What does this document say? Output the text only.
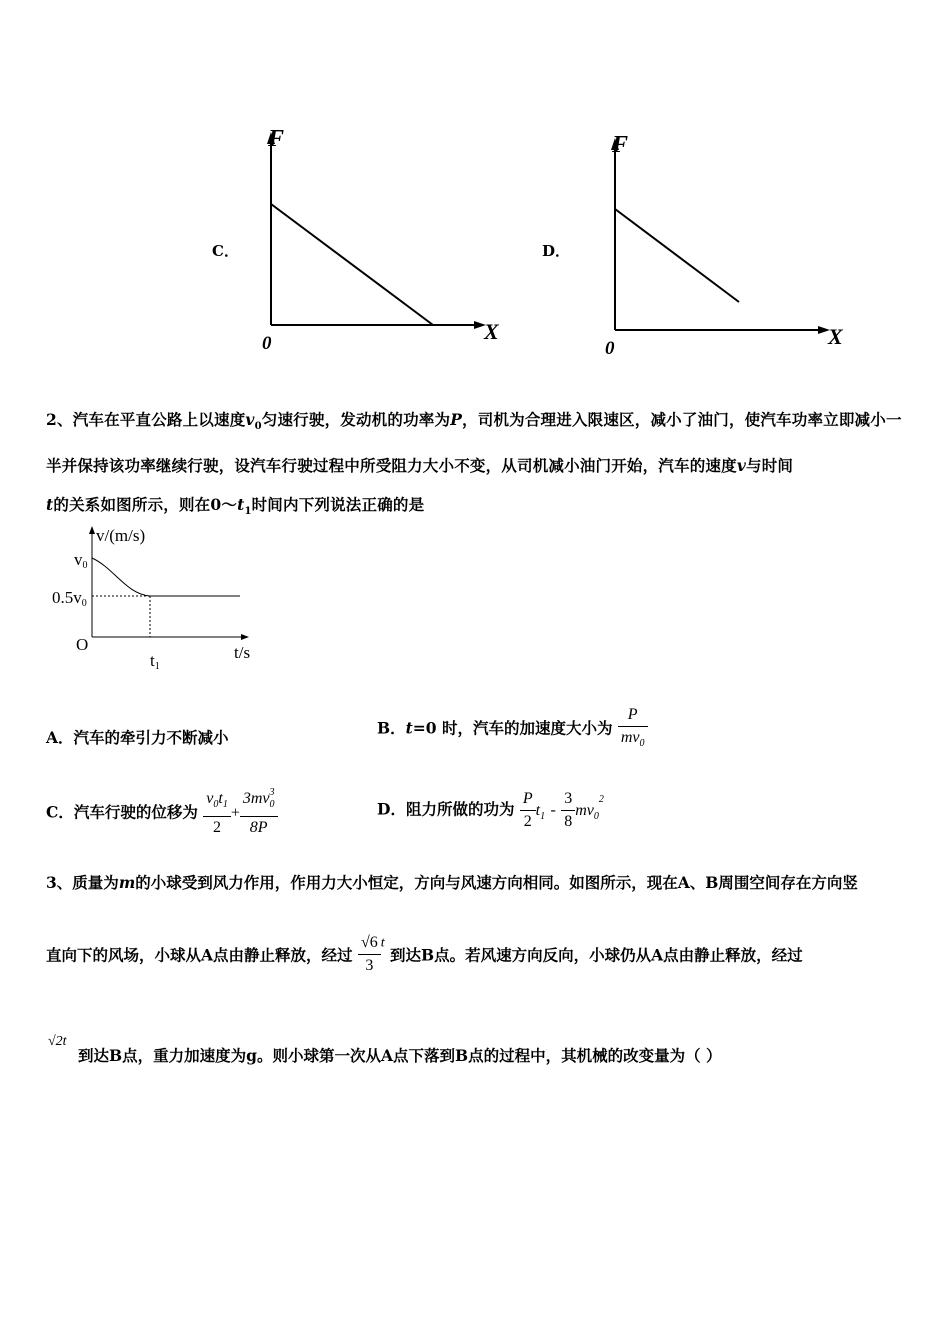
C．
F
X
0
D．
F
X
0
2、汽车在平直公路上以速度$v_0$匀速行驶，发动机的功率为P，司机为合理进入限速区，减小了油门，使汽车功率立即减小一半并保持该功率继续行驶，设汽车行驶过程中所受阻力大小不变，从司机减小油门开始，汽车的速度v与时间
t的关系如图所示，则在$0\sim t_1$时间内下列说法正确的是
v/(m/s)
v0
0.5v0
O
t1
t/s
A．汽车的牵引力不断减小	B．t=0 时，汽车的加速度大小为 $\frac{P}{mv_0}$
C．汽车行驶的位移为 $\frac{v_0t_1}{2} + 3mv$ 3
$_0$
8P	D．阻力所做的功为 $\frac{P}{2} t_1 - \frac{3}{8}$ mv
2
$_0$
3、质量为m的小球受到风力作用，作用力大小恒定，方向与风速方向相同。如图所示，现在A、B周围空间存在方向竖
直向下的风场，小球从A点由静止释放，经过 $\frac{√6}{3}$ t 到达B点。若风速方向反向，小球仍从A点由静止释放，经过
√2t
到达B点，重力加速度为g。则小球第一次从A点下落到B点的过程中，其机械的改变量为（ ）
